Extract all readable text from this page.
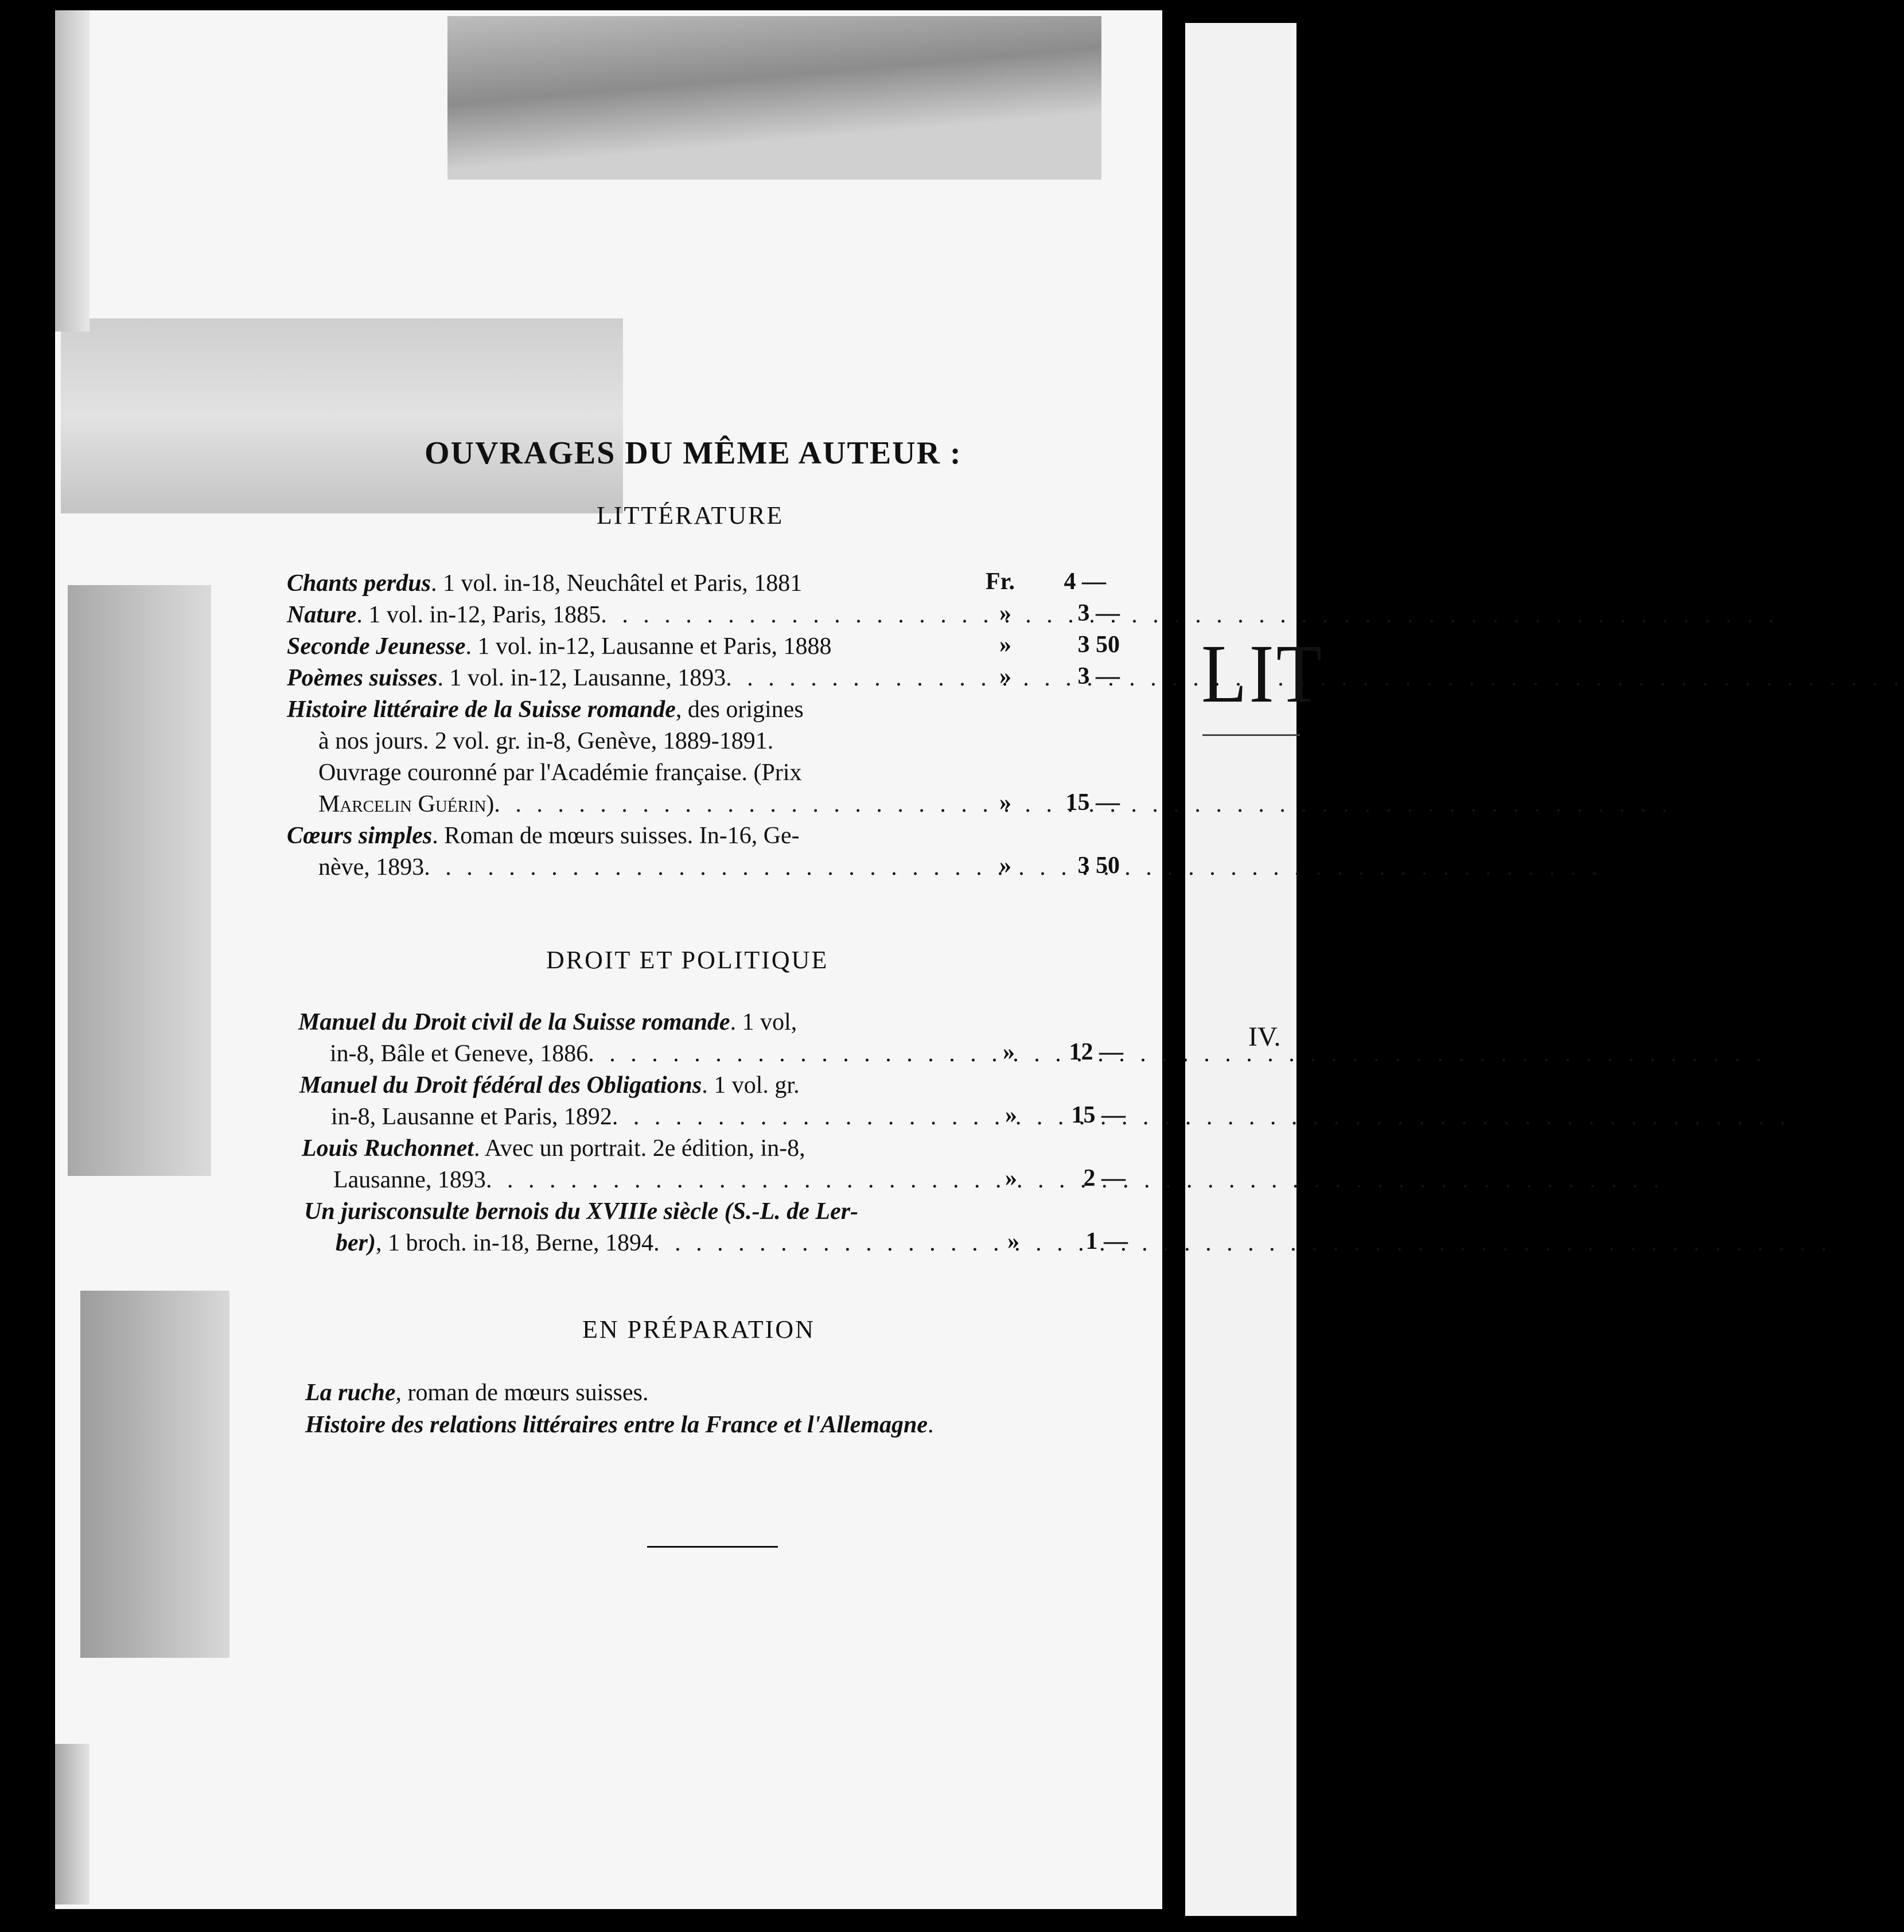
LIT
IV.
OUVRAGES DU MÊME AUTEUR :
LITTÉRATURE
Chants perdus . 1 vol. in-18, Neuchâtel et Paris, 1881	Fr. 4 —
Nature . 1 vol. in-12, Paris, 1885 . . .	»	3 —
Seconde Jeunesse . 1 vol. in-12, Lausanne et Paris, 1888	»	3 50
Poèmes suisses . 1 vol. in-12, Lausanne, 1893 . . .	»	3 —
Histoire littéraire de la Suisse romande , des origines
à nos jours. 2 vol. gr. in-8, Genève, 1889-1891.
Ouvrage couronné par l'Académie française. (Prix
Marcelin Guérin) . . .	» 15 —
Cœurs simples . Roman de mœurs suisses. In-16, Ge-
nève, 1893 . . .	»	3 50
DROIT ET POLITIQUE
Manuel du Droit civil de la Suisse romande . 1 vol,
in-8, Bâle et Geneve, 1886 . . .	» 12 —
Manuel du Droit fédéral des Obligations . 1 vol. gr.
in-8, Lausanne et Paris, 1892 . . .	» 15 —
Louis Ruchonnet . Avec un portrait. 2e édition, in-8,
Lausanne, 1893 . . .	»	2 —
Un jurisconsulte bernois du XVIIIe siècle (S.-L. de Ler-
ber) , 1 broch. in-18, Berne, 1894 . . .	»	1 —
EN PRÉPARATION
La ruche, roman de mœurs suisses.
Histoire des relations littéraires entre la France et l'Allemagne.
